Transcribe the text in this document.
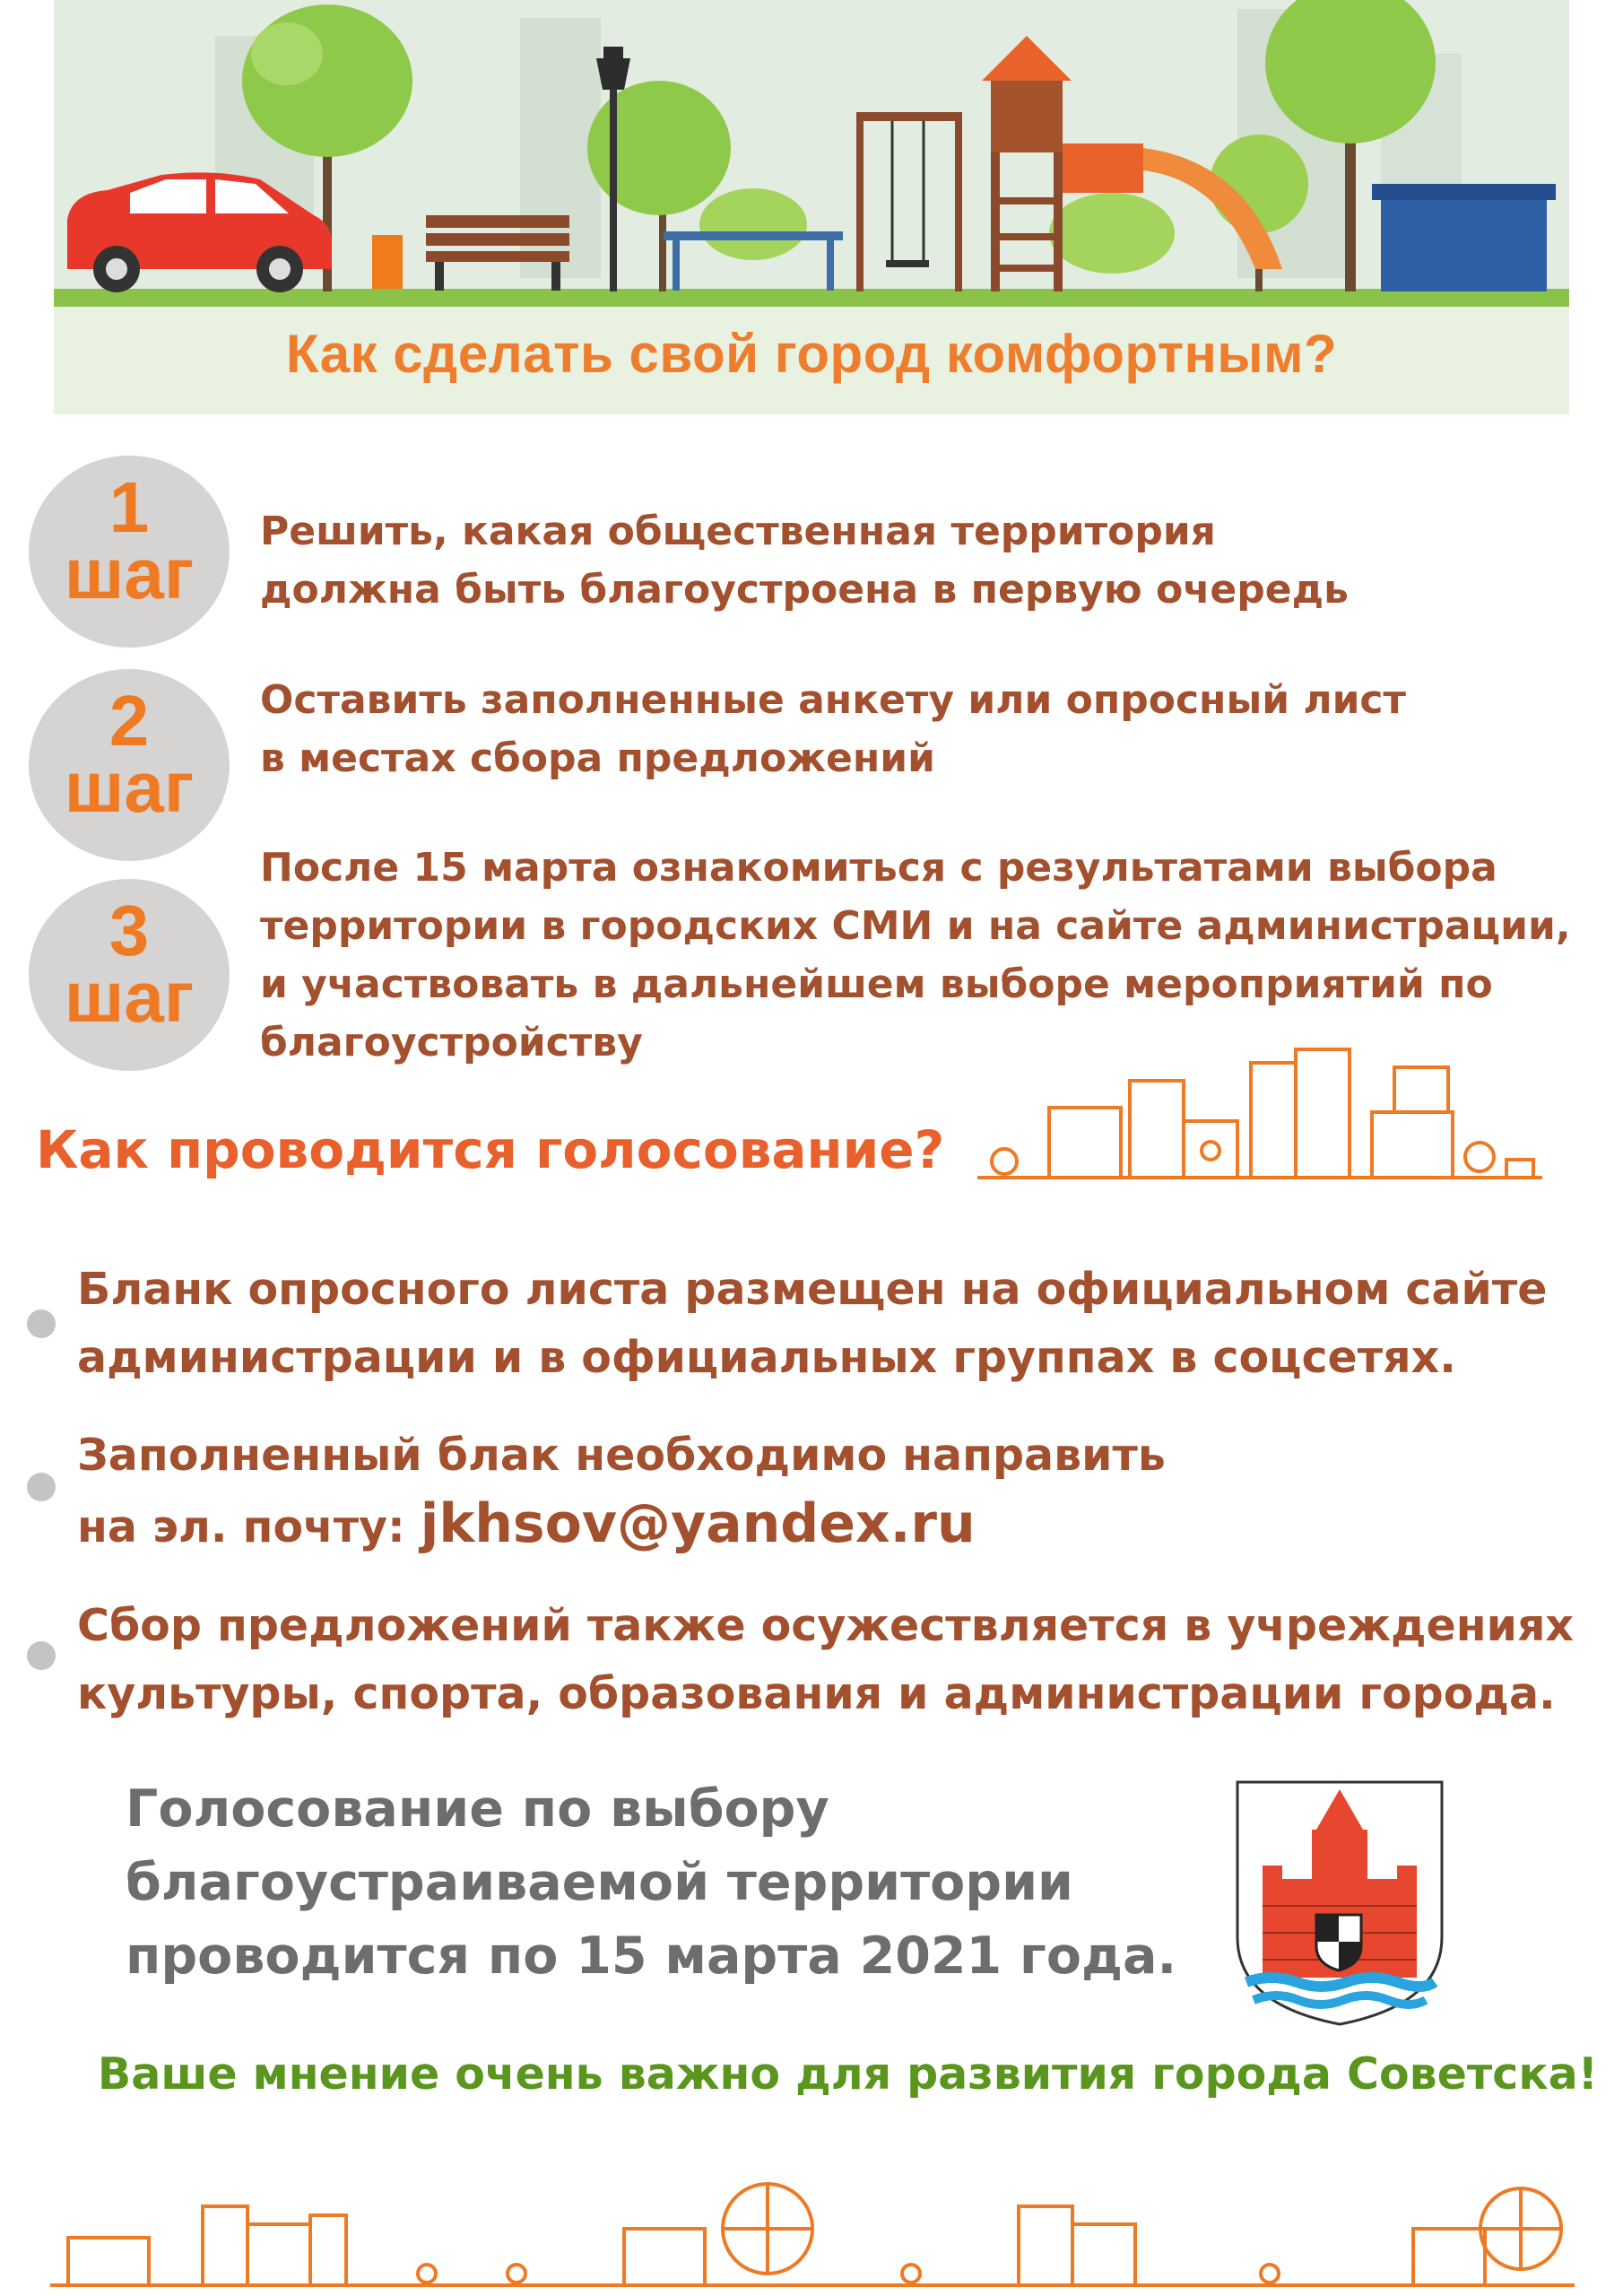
Как сделать свой город комфортным?
1
шаг
Решить, какая общественная территория
должна быть благоустроена в первую очередь
2
шаг
Оставить заполненные анкету или опросный лист
в местах сбора предложений
3
шаг
После 15 марта ознакомиться с результатами выбора
территории в городских СМИ и на сайте администрации,
и участвовать в дальнейшем выборе мероприятий по
благоустройству
Как проводится голосование?
Бланк опросного листа размещен на официальном сайте
администрации и в официальных группах в соцсетях.
Заполненный блак необходимо направить
на эл. почту: jkhsov@yandex.ru
Сбор предложений также осужествляется в учреждениях
культуры, спорта, образования и администрации города.
Голосование по выбору
благоустраиваемой территории
проводится по 15 марта 2021 года.
Ваше мнение очень важно для развития города Советска!
